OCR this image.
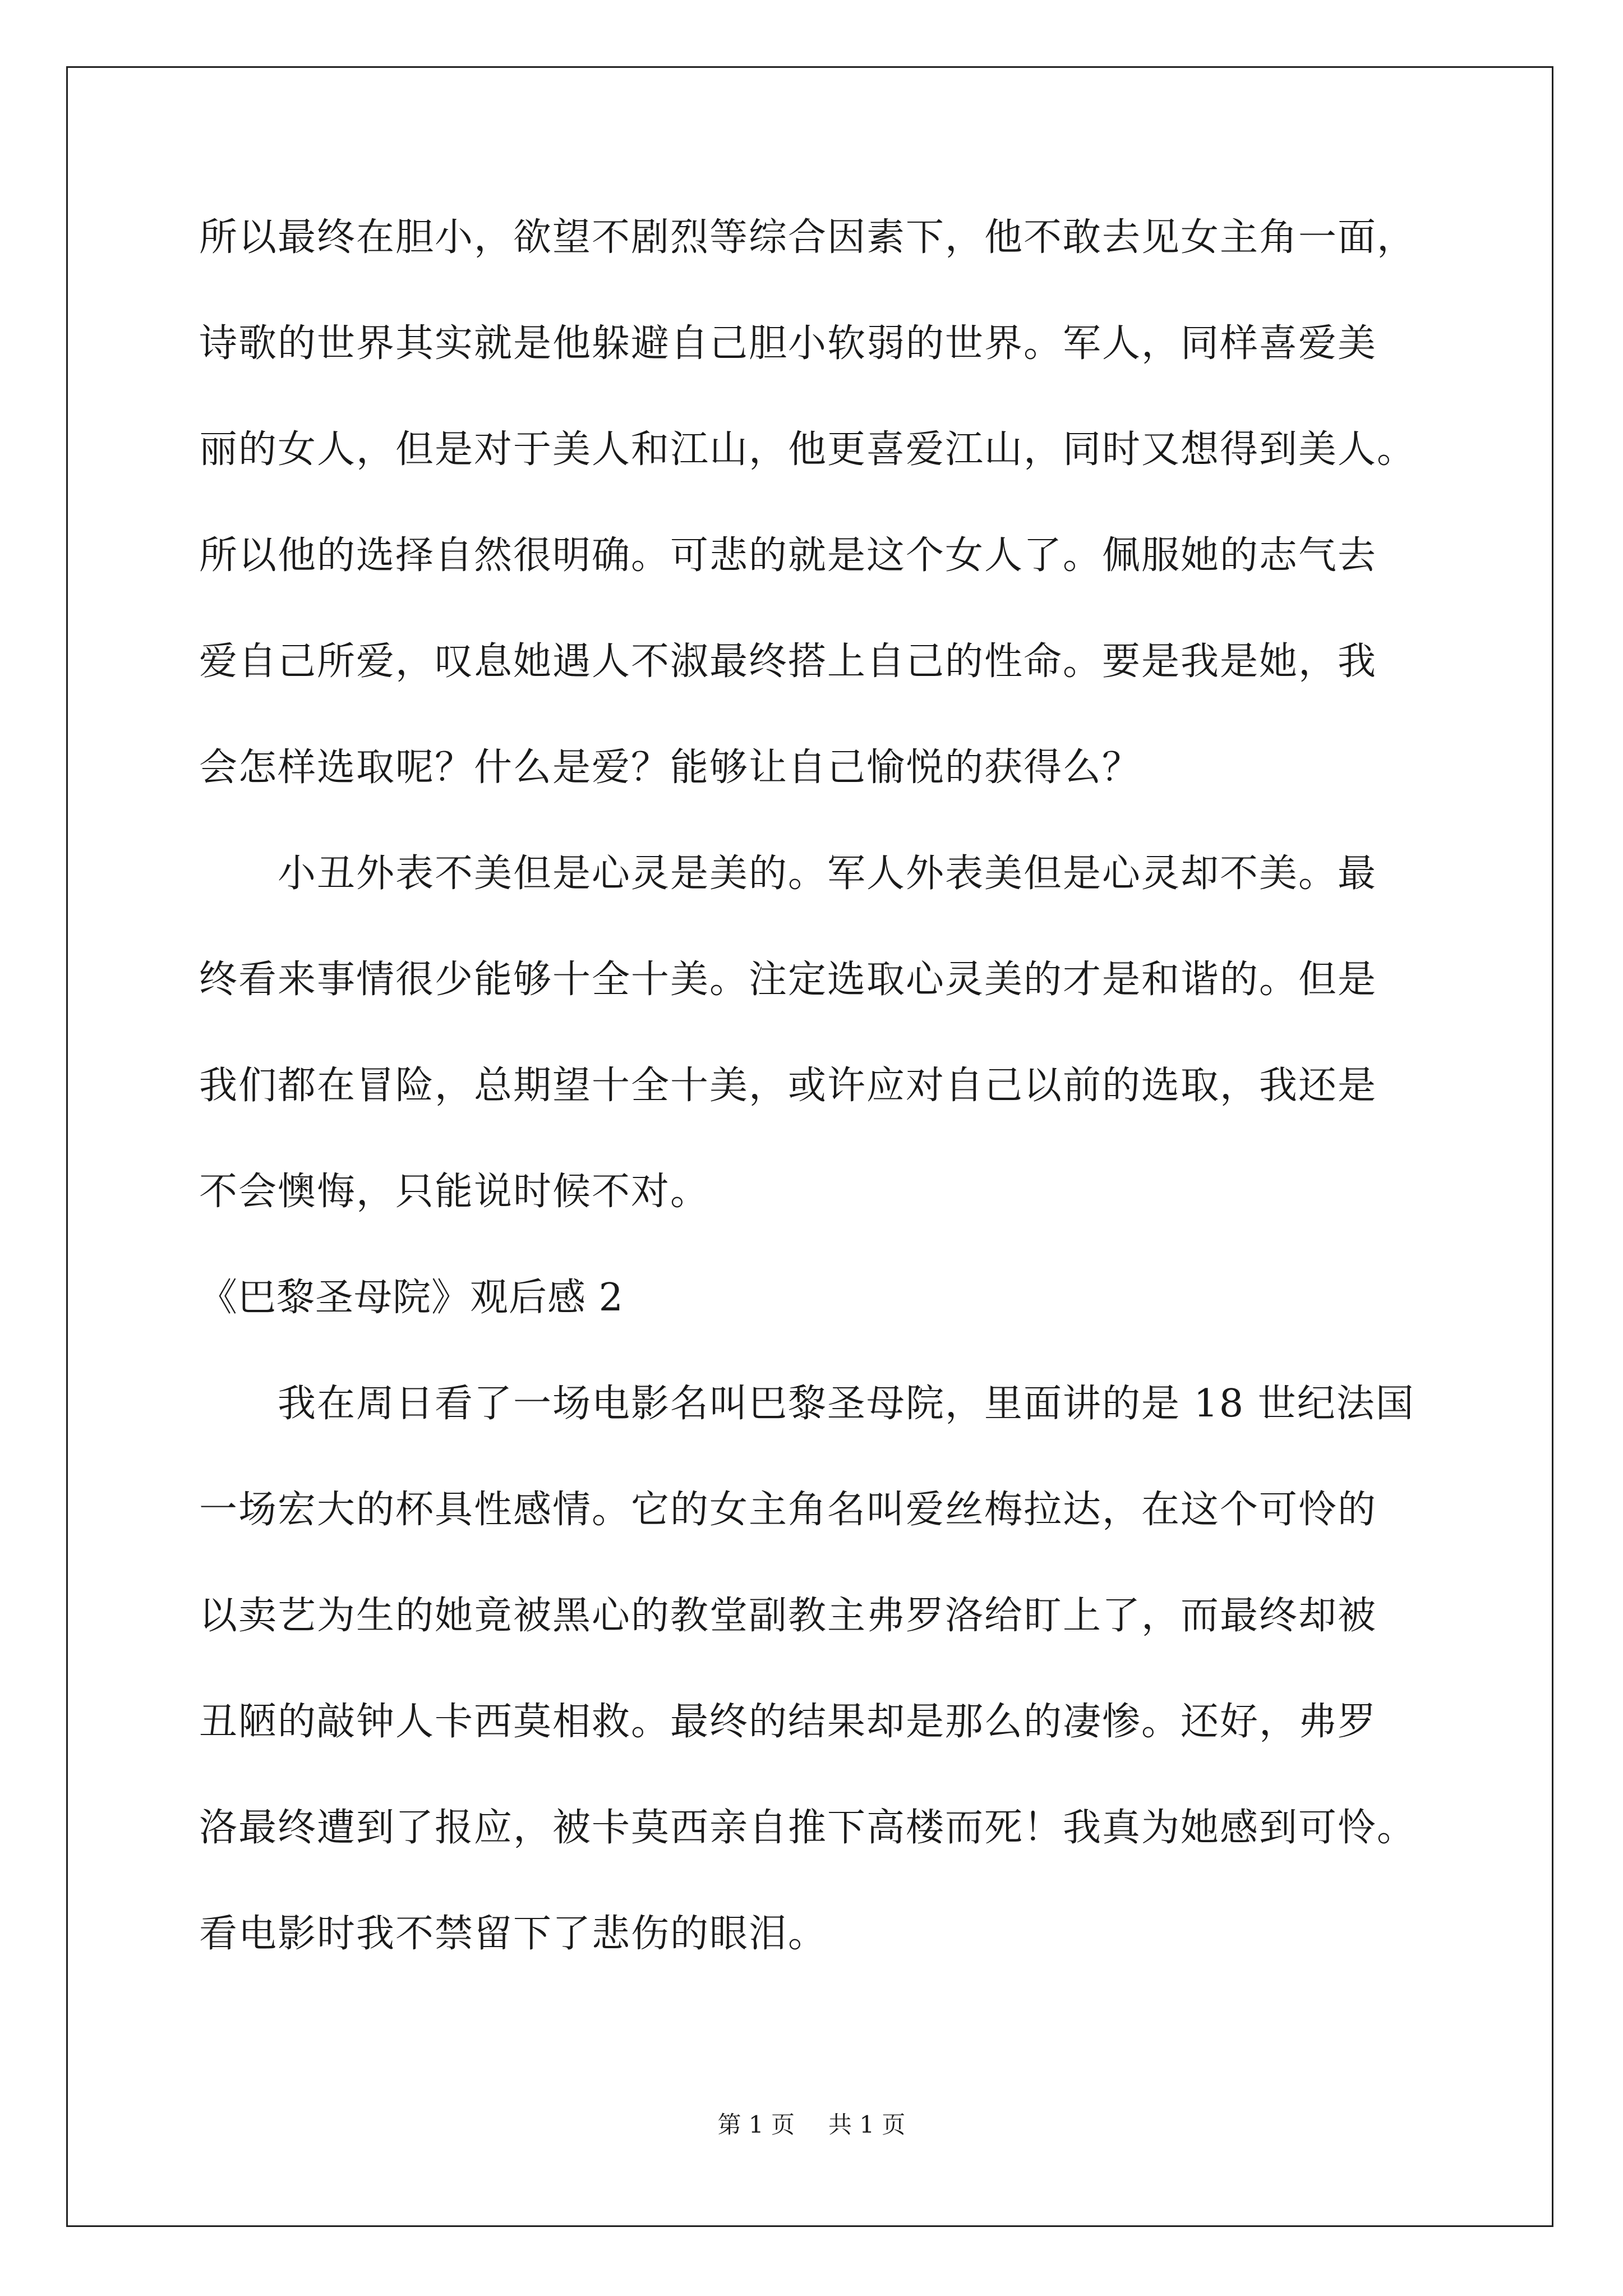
所以最终在胆小，欲望不剧烈等综合因素下，他不敢去见女主角一面，
诗歌的世界其实就是他躲避自己胆小软弱的世界。军人，同样喜爱美
丽的女人，但是对于美人和江山，他更喜爱江山，同时又想得到美人。
所以他的选择自然很明确。可悲的就是这个女人了。佩服她的志气去
爱自己所爱，叹息她遇人不淑最终搭上自己的性命。要是我是她，我
会怎样选取呢？什么是爱？能够让自己愉悦的获得么？
小丑外表不美但是心灵是美的。军人外表美但是心灵却不美。最
终看来事情很少能够十全十美。注定选取心灵美的才是和谐的。但是
我们都在冒险，总期望十全十美，或许应对自己以前的选取，我还是
不会懊悔，只能说时候不对。
《巴黎圣母院》观后感 2
我在周日看了一场电影名叫巴黎圣母院，里面讲的是 18 世纪法国
一场宏大的杯具性感情。它的女主角名叫爱丝梅拉达，在这个可怜的
以卖艺为生的她竟被黑心的教堂副教主弗罗洛给盯上了，而最终却被
丑陋的敲钟人卡西莫相救。最终的结果却是那么的凄惨。还好，弗罗
洛最终遭到了报应，被卡莫西亲自推下高楼而死！我真为她感到可怜。
看电影时我不禁留下了悲伤的眼泪。
第 1 页 共 1 页
